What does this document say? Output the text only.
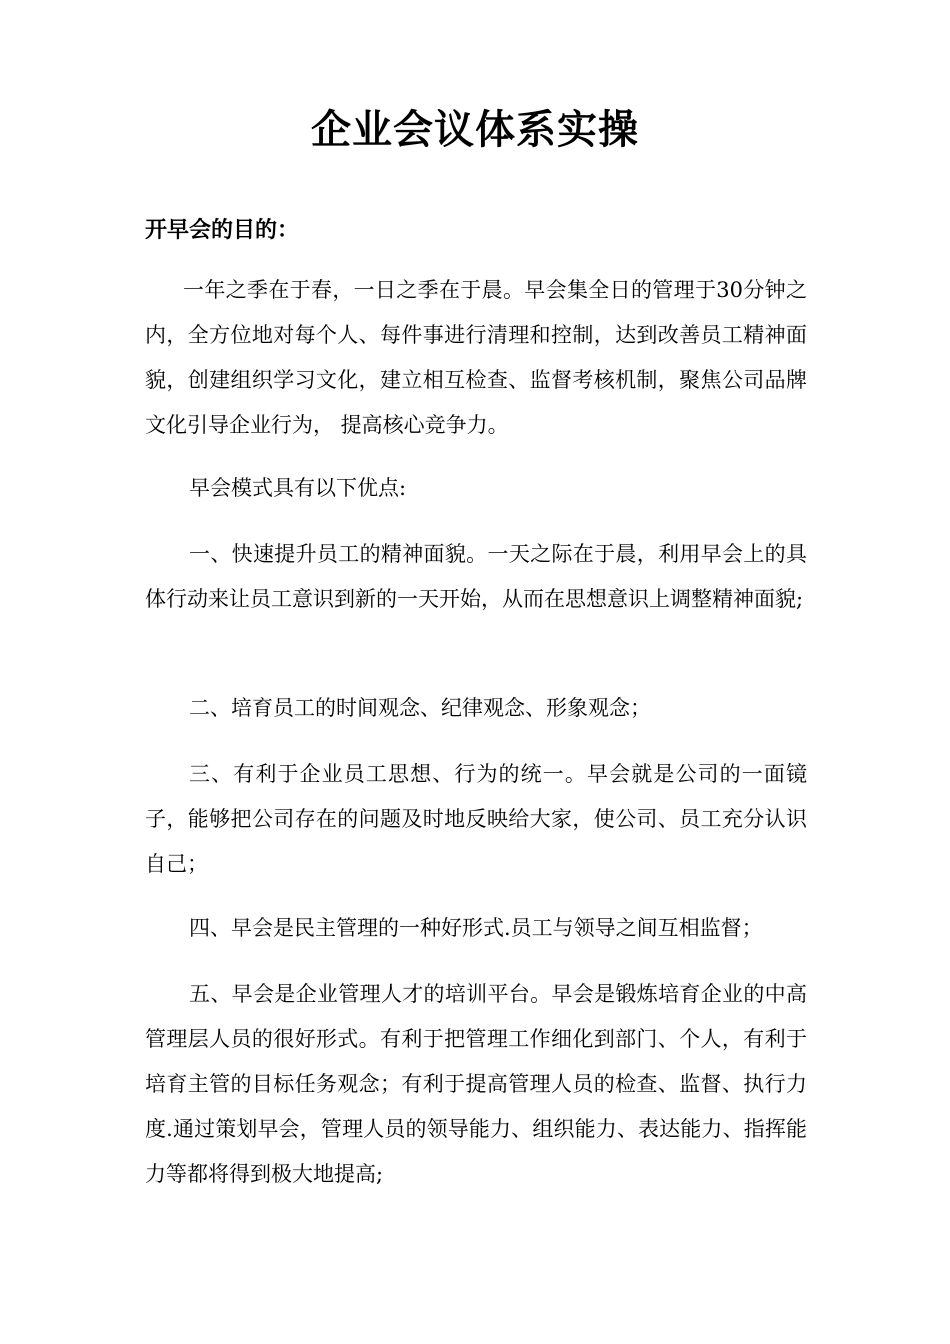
企业会议体系实操
开早会的目的：

一年之季在于春，一日之季在于晨。早会集全日的管理于30分钟之内，全方位地对每个人、每件事进行清理和控制，达到改善员工精神面貌，创建组织学习文化，建立相互检查、监督考核机制，聚焦公司品牌文化引导企业行为， 提高核心竞争力。

早会模式具有以下优点:

一、快速提升员工的精神面貌。一天之际在于晨，利用早会上的具体行动来让员工意识到新的一天开始，从而在思想意识上调整精神面貌;

二、培育员工的时间观念、纪律观念、形象观念；

三、有利于企业员工思想、行为的统一。早会就是公司的一面镜子，能够把公司存在的问题及时地反映给大家，使公司、员工充分认识自己；

四、早会是民主管理的一种好形式.员工与领导之间互相监督；

五、早会是企业管理人才的培训平台。早会是锻炼培育企业的中高管理层人员的很好形式。有利于把管理工作细化到部门、个人，有利于培育主管的目标任务观念；有利于提高管理人员的检查、监督、执行力度.通过策划早会，管理人员的领导能力、组织能力、表达能力、指挥能力等都将得到极大地提高;
